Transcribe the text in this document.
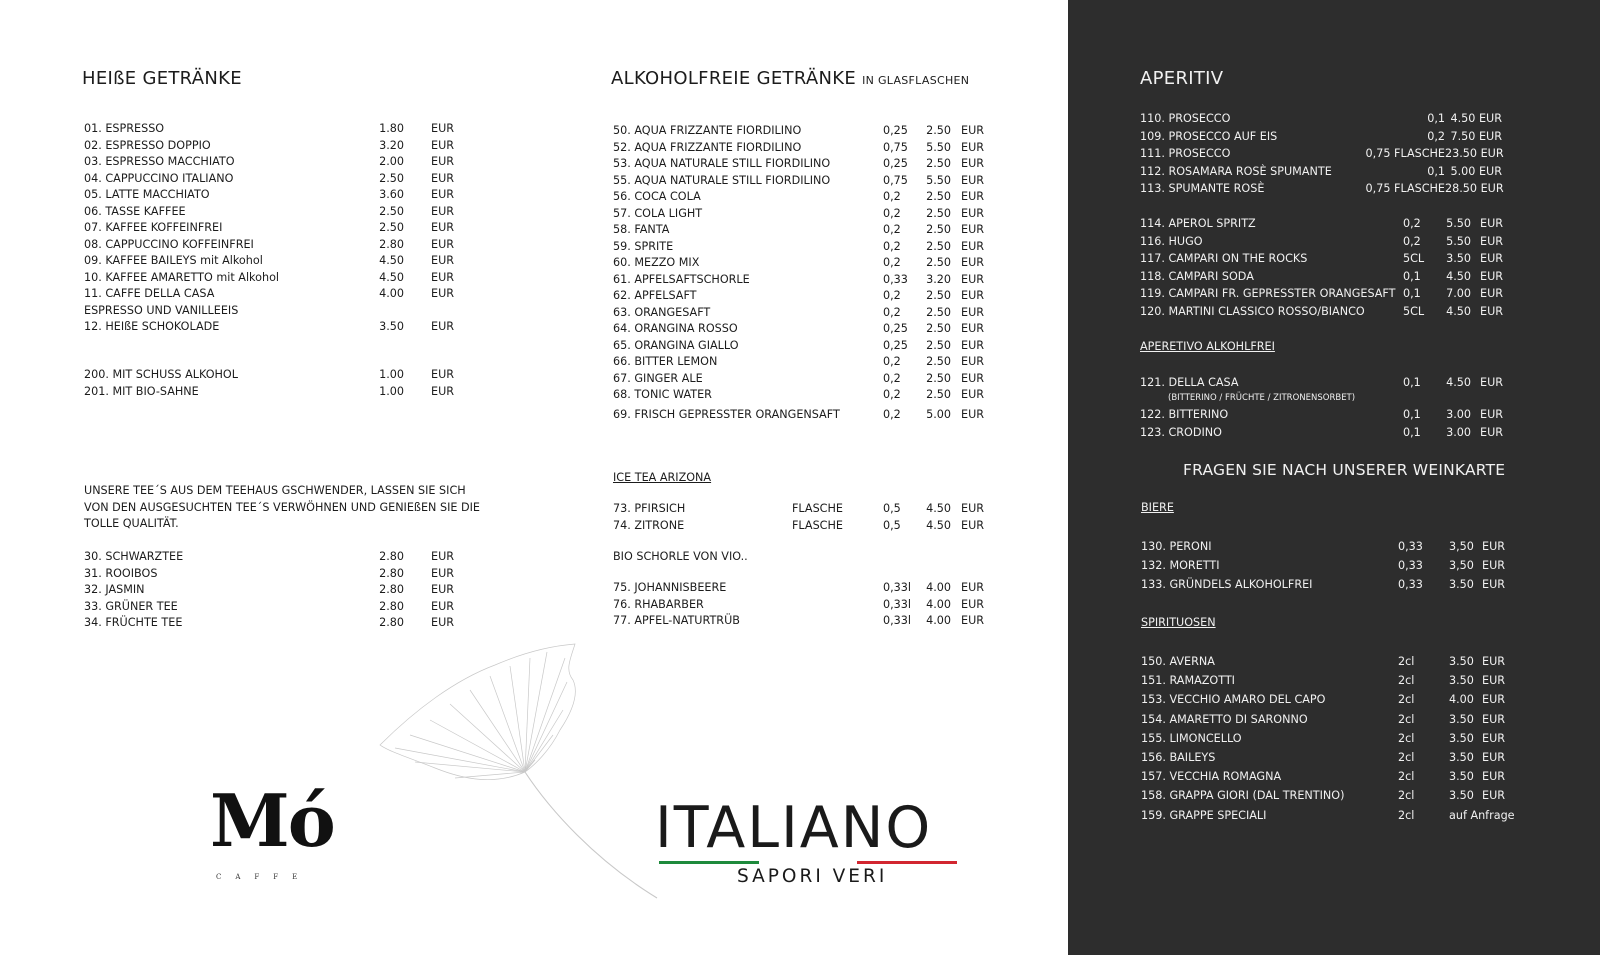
HEIßE GETRÄNKE
01. ESPRESSO	1.80 EUR
02. ESPRESSO DOPPIO	3.20 EUR
03. ESPRESSO MACCHIATO	2.00 EUR
04. CAPPUCCINO ITALIANO	2.50 EUR
05. LATTE MACCHIATO	3.60 EUR
06. TASSE KAFFEE	2.50 EUR
07. KAFFEE KOFFEINFREI	2.50 EUR
08. CAPPUCCINO KOFFEINFREI	2.80 EUR
09. KAFFEE BAILEYS mit Alkohol	4.50 EUR
10. KAFFEE AMARETTO mit Alkohol	4.50 EUR
11. CAFFE DELLA CASA	4.00 EUR
ESPRESSO UND VANILLEEIS
12. HEIßE SCHOKOLADE	3.50 EUR
200. MIT SCHUSS ALKOHOL	1.00 EUR
201. MIT BIO-SAHNE	1.00 EUR
UNSERE TEE´S AUS DEM TEEHAUS GSCHWENDER, LASSEN SIE SICH
VON DEN AUSGESUCHTEN TEE´S VERWÖHNEN UND GENIEßEN SIE DIE
TOLLE QUALITÄT.
30. SCHWARZTEE	2.80 EUR
31. ROOIBOS	2.80 EUR
32. JASMIN	2.80 EUR
33. GRÜNER TEE	2.80 EUR
34. FRÜCHTE TEE	2.80 EUR
ALKOHOLFREIE GETRÄNKE IN GLASFLASCHEN
50. AQUA FRIZZANTE FIORDILINO	0,25	2.50 EUR
52. AQUA FRIZZANTE FIORDILINO	0,75	5.50 EUR
53. AQUA NATURALE STILL FIORDILINO	0,25	2.50 EUR
55. AQUA NATURALE STILL FIORDILINO	0,75	5.50 EUR
56. COCA COLA	0,2	2.50 EUR
57. COLA LIGHT	0,2	2.50 EUR
58. FANTA	0,2	2.50 EUR
59. SPRITE	0,2	2.50 EUR
60. MEZZO MIX	0,2	2.50 EUR
61. APFELSAFTSCHORLE	0,33	3.20 EUR
62. APFELSAFT	0,2	2.50 EUR
63. ORANGESAFT	0,2	2.50 EUR
64. ORANGINA ROSSO	0,25	2.50 EUR
65. ORANGINA GIALLO	0,25	2.50 EUR
66. BITTER LEMON	0,2	2.50 EUR
67. GINGER ALE	0,2	2.50 EUR
68. TONIC WATER	0,2	2.50 EUR
69. FRISCH GEPRESSTER ORANGENSAFT	0,2	5.00 EUR
ICE TEA ARIZONA
73. PFIRSICH	FLASCHE	0,5	4.50 EUR
74. ZITRONE	FLASCHE	0,5	4.50 EUR
BIO SCHORLE VON VIO..
75. JOHANNISBEERE	0,33l	4.00 EUR
76. RHABARBER	0,33l	4.00 EUR
77. APFEL-NATURTRÜB	0,33l	4.00 EUR
Mó
CAFFE
ITALIANO
SAPORI VERI
APERITIV
110. PROSECCO	0,1 4.50 EUR
109. PROSECCO AUF EIS	0,2 7.50 EUR
111. PROSECCO	0,75 FLASCHE 23.50 EUR
112. ROSAMARA ROSÈ SPUMANTE	0,1 5.00 EUR
113. SPUMANTE ROSÈ	0,75 FLASCHE 28.50 EUR
114. APEROL SPRITZ	0,2	5.50 EUR
116. HUGO	0,2	5.50 EUR
117. CAMPARI ON THE ROCKS	5CL	3.50 EUR
118. CAMPARI SODA	0,1	4.50 EUR
119. CAMPARI FR. GEPRESSTER ORANGESAFT 0,1	7.00 EUR
120. MARTINI CLASSICO ROSSO/BIANCO	5CL	4.50 EUR
APERETIVO ALKOHLFREI
121. DELLA CASA	0,1	4.50 EUR
(BITTERINO / FRÜCHTE / ZITRONENSORBET)
122. BITTERINO	0,1	3.00 EUR
123. CRODINO	0,1	3.00 EUR
FRAGEN SIE NACH UNSERER WEINKARTE
BIERE
130. PERONI	0,33 3,50 EUR
132. MORETTI	0,33 3,50 EUR
133. GRÜNDELS ALKOHOLFREI	0,33 3.50 EUR
SPIRITUOSEN
150. AVERNA	2cl	3.50 EUR
151. RAMAZOTTI	2cl	3.50 EUR
153. VECCHIO AMARO DEL CAPO	2cl	4.00 EUR
154. AMARETTO DI SARONNO	2cl	3.50 EUR
155. LIMONCELLO	2cl	3.50 EUR
156. BAILEYS	2cl	3.50 EUR
157. VECCHIA ROMAGNA	2cl	3.50 EUR
158. GRAPPA GIORI (DAL TRENTINO)	2cl	3.50 EUR
159. GRAPPE SPECIALI	2cl	auf Anfrage
